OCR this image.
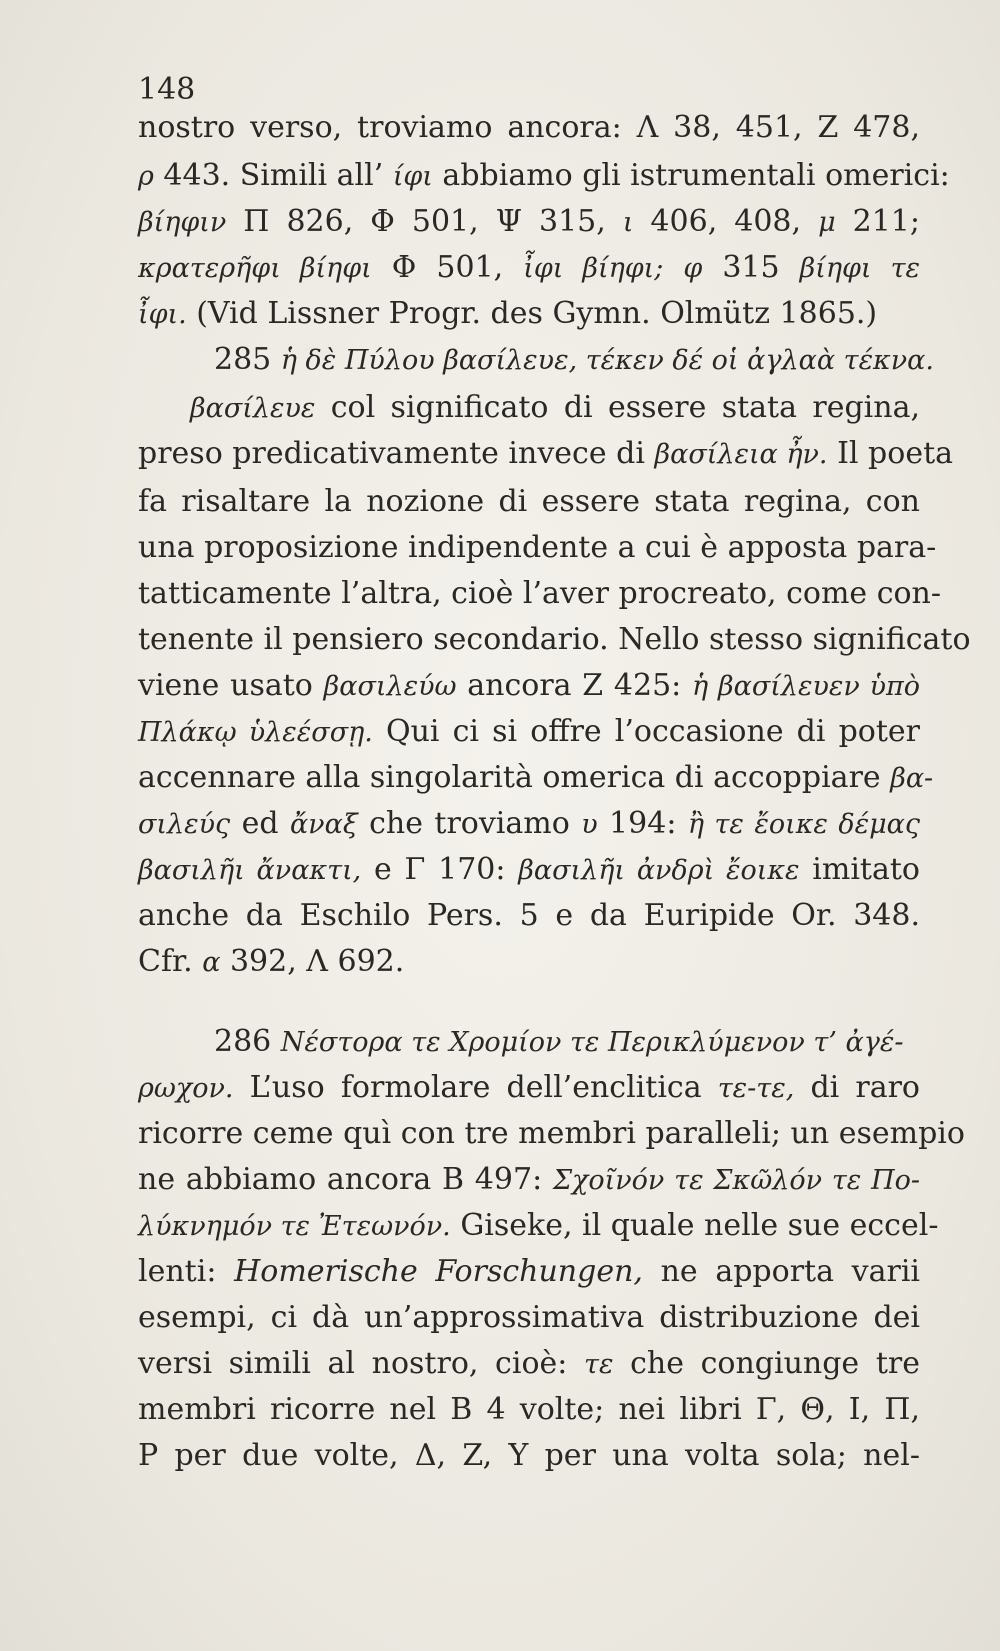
148
nostro verso, troviamo ancora: Λ 38, 451, Z 478,
ρ 443. Simili all’ ίφι abbiamo gli istrumentali omerici:
βίηφιν Π 826, Φ 501, Ψ 315, ι 406, 408, μ 211;
κρατερῆφι βίηφι Φ 501, ἶφι βίηφι; φ 315 βίηφι τε
ἶφι. (Vid Lissner Progr. des Gymn. Olmütz 1865.)
285 ἡ δὲ Πύλου βασίλευε, τέκεν δέ οἱ ἀγλαὰ τέκνα.
βασίλευε col significato di essere stata regina,
preso predicativamente invece di βασίλεια ἦν. Il poeta
fa risaltare la nozione di essere stata regina, con
una proposizione indipendente a cui è apposta para-
tatticamente l’altra, cioè l’aver procreato, come con-
tenente il pensiero secondario. Nello stesso significato
viene usato βασιλεύω ancora Z 425: ἡ βασίλευεν ὑπὸ
Πλάκῳ ὑλεέσσῃ. Qui ci si offre l’occasione di poter
accennare alla singolarità omerica di accoppiare βα-
σιλεύς ed ἄναξ che troviamo υ 194: ἢ τε ἔοικε δέμας
βασιλῆι ἄνακτι, e Γ 170: βασιλῆι ἀνδρὶ ἔοικε imitato
anche da Eschilo Pers. 5 e da Euripide Or. 348.
Cfr. α 392, Λ 692.
286 Νέστορα τε Χρομίον τε Περικλύμενον τ’ ἀγέ-
ρωχον. L’uso formolare dell’enclitica τε-τε, di raro
ricorre ceme quì con tre membri paralleli; un esempio
ne abbiamo ancora B 497: Σχοῖνόν τε Σκῶλόν τε Πο-
λύκνημόν τε Ἐτεωνόν. Giseke, il quale nelle sue eccel-
lenti: Homerische Forschungen, ne apporta varii
esempi, ci dà un’approssimativa distribuzione dei
versi simili al nostro, cioè: τε che congiunge tre
membri ricorre nel B 4 volte; nei libri Γ, Θ, Ι, Π,
P per due volte, Δ, Z, Υ per una volta sola; nel-
